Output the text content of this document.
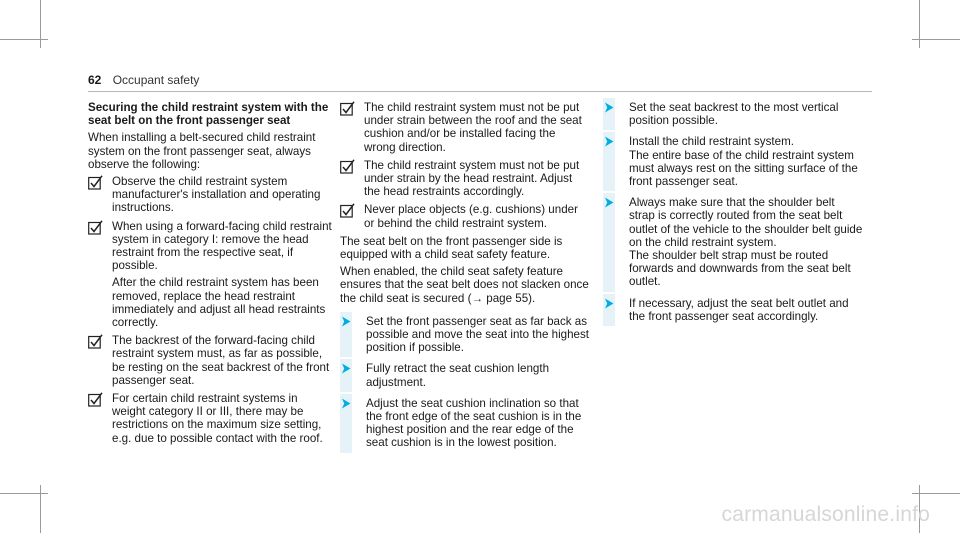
62 Occupant safety

Securing the child restraint system with the seat belt on the front passenger seat

When installing a belt-secured child restraint system on the front passenger seat, always observe the following:

Observe the child restraint system manufacturer's installation and operating instructions.
When using a forward-facing child restraint system in category I: remove the head restraint from the respective seat, if possible.
After the child restraint system has been removed, replace the head restraint immediately and adjust all head restraints correctly.
The backrest of the forward-facing child restraint system must, as far as possible, be resting on the seat backrest of the front passenger seat.
For certain child restraint systems in weight category II or III, there may be restrictions on the maximum size setting, e.g. due to possible contact with the roof.
The child restraint system must not be put under strain between the roof and the seat cushion and/or be installed facing the wrong direction.
The child restraint system must not be put under strain by the head restraint. Adjust the head restraints accordingly.
Never place objects (e.g. cushions) under or behind the child restraint system.

The seat belt on the front passenger side is equipped with a child seat safety feature.

When enabled, the child seat safety feature ensures that the seat belt does not slacken once the child seat is secured (→ page 55).

Set the front passenger seat as far back as possible and move the seat into the highest position if possible.
Fully retract the seat cushion length adjustment.
Adjust the seat cushion inclination so that the front edge of the seat cushion is in the highest position and the rear edge of the seat cushion is in the lowest position.
Set the seat backrest to the most vertical position possible.
Install the child restraint system.
The entire base of the child restraint system must always rest on the sitting surface of the front passenger seat.
Always make sure that the shoulder belt strap is correctly routed from the seat belt outlet of the vehicle to the shoulder belt guide on the child restraint system.
The shoulder belt strap must be routed forwards and downwards from the seat belt outlet.
If necessary, adjust the seat belt outlet and the front passenger seat accordingly.
carmanualsonline.info
